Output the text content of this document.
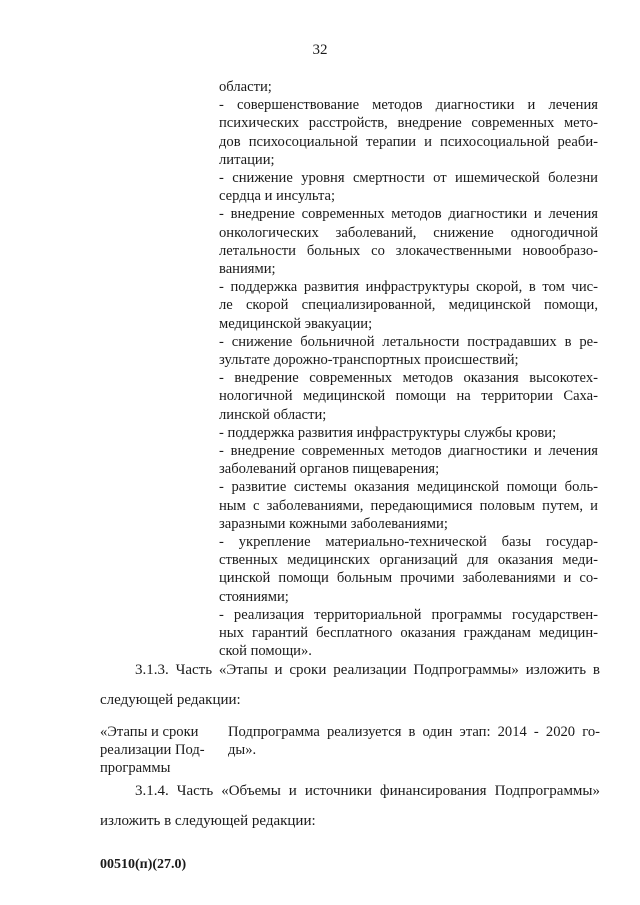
32
области;
- совершенствование методов диагностики и лечения
психических расстройств, внедрение современных мето-
дов психосоциальной терапии и психосоциальной реаби-
литации;
- снижение уровня смертности от ишемической болезни
сердца и инсульта;
- внедрение современных методов диагностики и лечения
онкологических заболеваний, снижение одногодичной
летальности больных со злокачественными новообразо-
ваниями;
- поддержка развития инфраструктуры скорой, в том чис-
ле скорой специализированной, медицинской помощи,
медицинской эвакуации;
- снижение больничной летальности пострадавших в ре-
зультате дорожно-транспортных происшествий;
- внедрение современных методов оказания высокотех-
нологичной медицинской помощи на территории Саха-
линской области;
- поддержка развития инфраструктуры службы крови;
- внедрение современных методов диагностики и лечения
заболеваний органов пищеварения;
- развитие системы оказания медицинской помощи боль-
ным с заболеваниями, передающимися половым путем, и
заразными кожными заболеваниями;
- укрепление материально-технической базы государ-
ственных медицинских организаций для оказания меди-
цинской помощи больным прочими заболеваниями и со-
стояниями;
- реализация территориальной программы государствен-
ных гарантий бесплатного оказания гражданам медицин-
ской помощи».
3.1.3. Часть «Этапы и сроки реализации Подпрограммы» изложить в
следующей редакции:
«Этапы и сроки
реализации Под-
программы
Подпрограмма реализуется в один этап: 2014 - 2020 го-
ды».
3.1.4. Часть «Объемы и источники финансирования Подпрограммы»
изложить в следующей редакции:
00510(п)(27.0)
